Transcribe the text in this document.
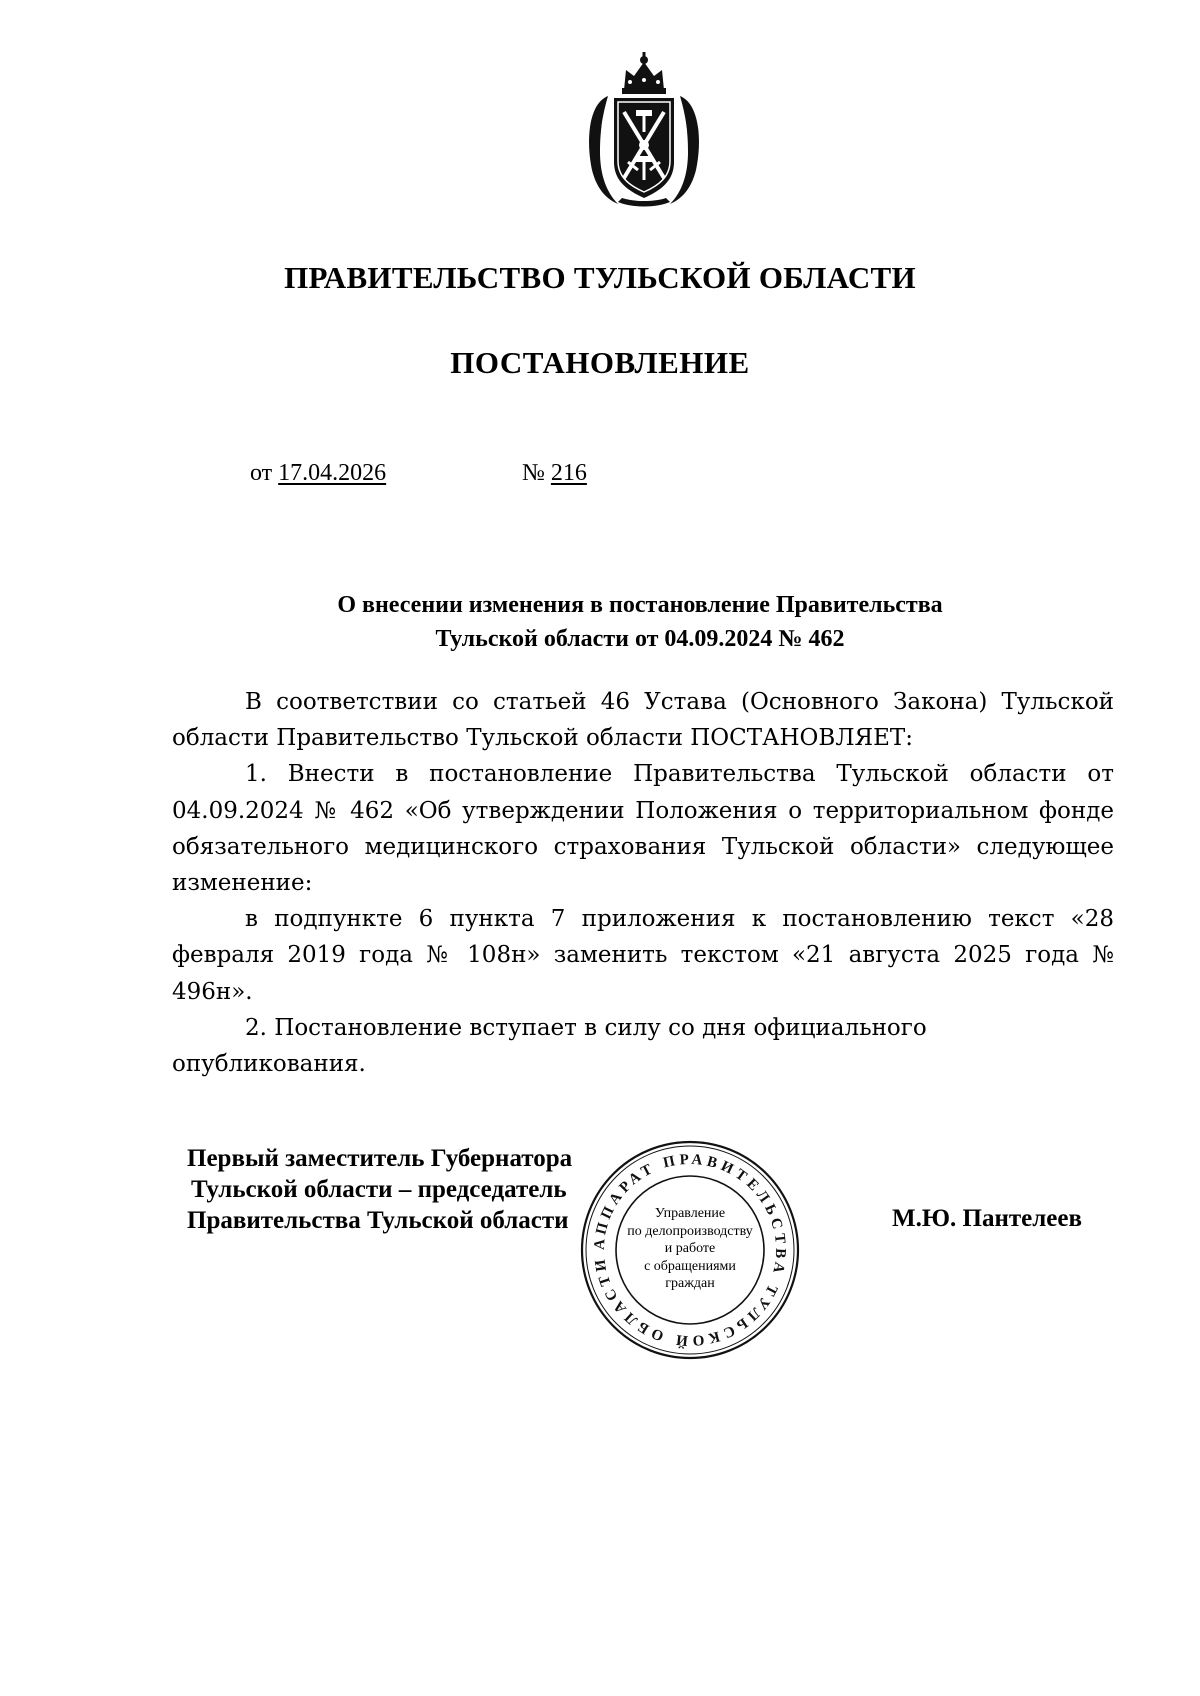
ПРАВИТЕЛЬСТВО ТУЛЬСКОЙ ОБЛАСТИ
ПОСТАНОВЛЕНИЕ
от 17.04.2026	№ 216
О внесении изменения в постановление Правительства
Тульской области от 04.09.2024 № 462

В соответствии со статьей 46 Устава (Основного Закона) Тульской области Правительство Тульской области ПОСТАНОВЛЯЕТ:

1. Внести в постановление Правительства Тульской области от 04.09.2024 № 462 «Об утверждении Положения о территориальном фонде обязательного медицинского страхования Тульской области» следующее изменение:

в подпункте 6 пункта 7 приложения к постановлению текст «28 февраля 2019 года № 108н» заменить текстом «21 августа 2025 года № 496н».

2. Постановление вступает в силу со дня официального опубликования.

АППАРАТ ПРАВИТЕЛЬСТВА ТУЛЬСКОЙ ОБЛАСТИ
Управление
по делопроизводству
и работе
с обращениями
граждан
Первый заместитель Губернатора
Тульской области – председатель
Правительства Тульской области	М.Ю. Пантелеев
